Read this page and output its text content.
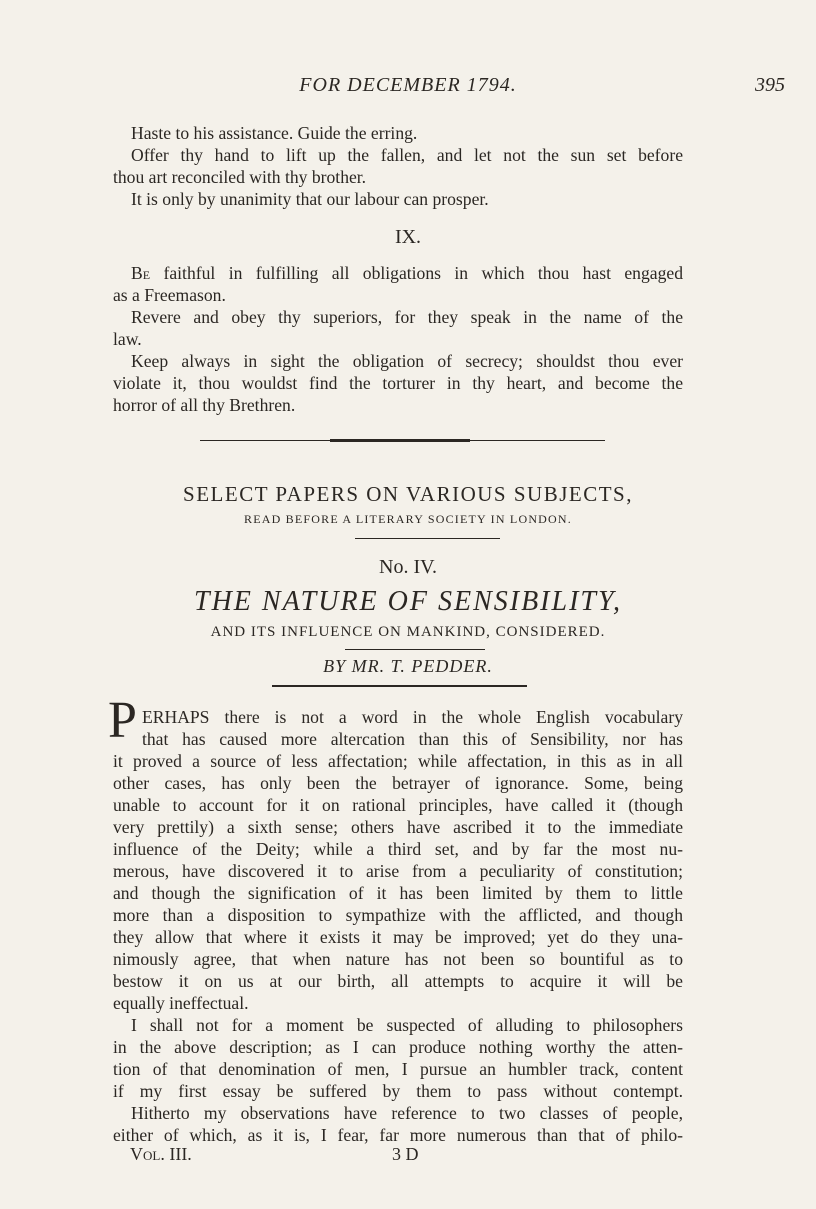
FOR DECEMBER 1794.	395
Haste to his assistance. Guide the erring.
Offer thy hand to lift up the fallen, and let not the sun set before
thou art reconciled with thy brother.
It is only by unanimity that our labour can prosper.
IX.
Be faithful in fulfilling all obligations in which thou hast engaged
as a Freemason.
Revere and obey thy superiors, for they speak in the name of the
law.
Keep always in sight the obligation of secrecy; shouldst thou ever
violate it, thou wouldst find the torturer in thy heart, and become the
horror of all thy Brethren.
SELECT PAPERS ON VARIOUS SUBJECTS,
READ BEFORE A LITERARY SOCIETY IN LONDON.
No. IV.
THE NATURE OF SENSIBILITY,
AND ITS INFLUENCE ON MANKIND, CONSIDERED.
BY MR. T. PEDDER.
P ERHAPS there is not a word in the whole English vocabulary
that has caused more altercation than this of Sensibility, nor has
it proved a source of less affectation; while affectation, in this as in all
other cases, has only been the betrayer of ignorance. Some, being
unable to account for it on rational principles, have called it (though
very prettily) a sixth sense; others have ascribed it to the immediate
influence of the Deity; while a third set, and by far the most nu-
merous, have discovered it to arise from a peculiarity of constitution;
and though the signification of it has been limited by them to little
more than a disposition to sympathize with the afflicted, and though
they allow that where it exists it may be improved; yet do they una-
nimously agree, that when nature has not been so bountiful as to
bestow it on us at our birth, all attempts to acquire it will be
equally ineffectual.
I shall not for a moment be suspected of alluding to philosophers
in the above description; as I can produce nothing worthy the atten-
tion of that denomination of men, I pursue an humbler track, content
if my first essay be suffered by them to pass without contempt.
Hitherto my observations have reference to two classes of people,
either of which, as it is, I fear, far more numerous than that of philo-
Vol. III.	3 D
